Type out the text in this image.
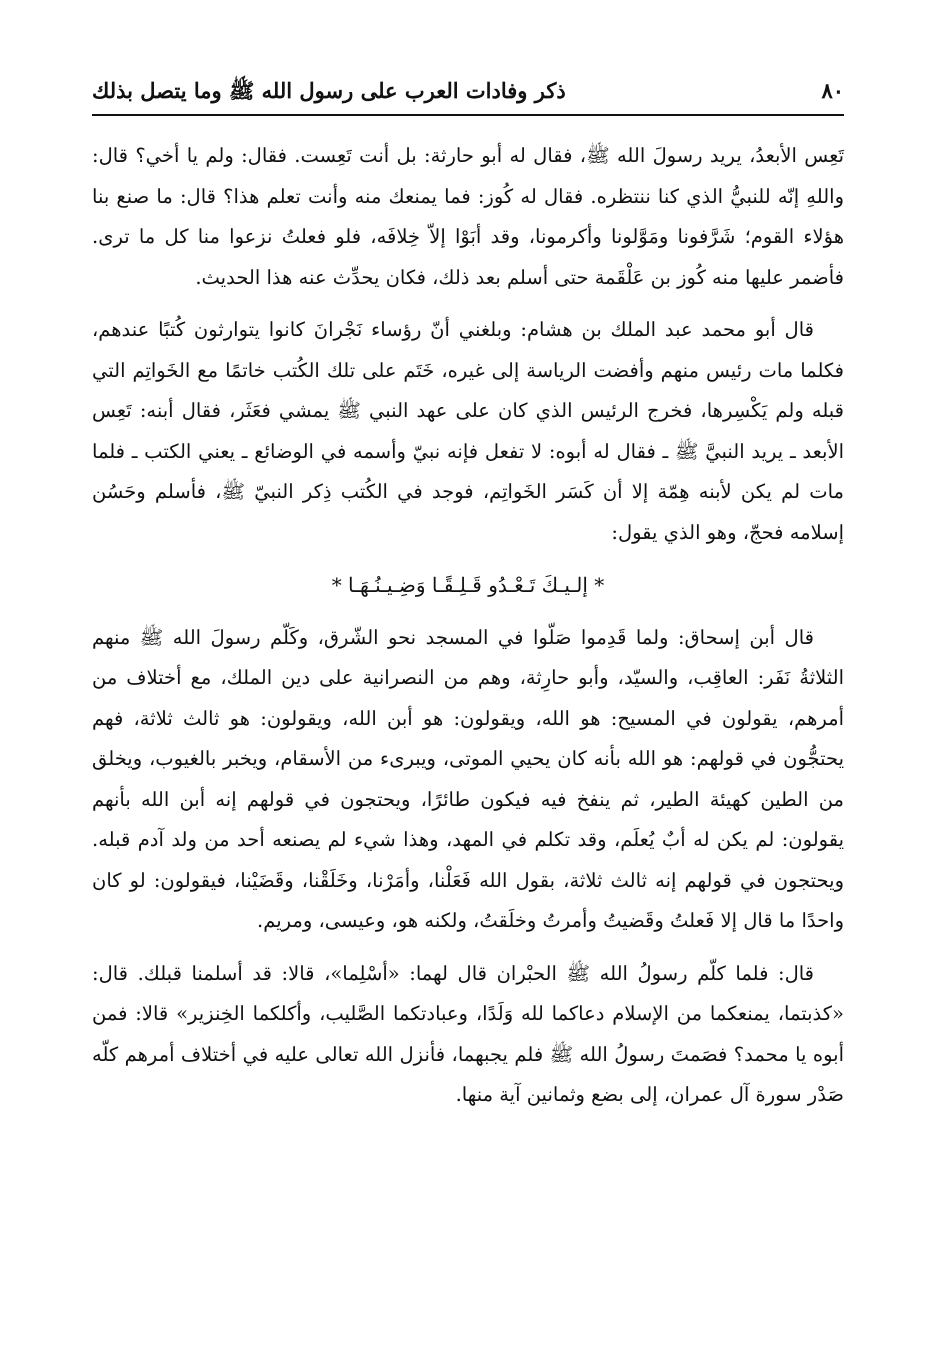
٨٠
ذكر وفادات العرب على رسول الله ﷺ وما يتصل بذلك

تَعِس الأبعدُ، يريد رسولَ الله ﷺ، فقال له أبو حارثة: بل أنت تَعِست. فقال: ولم يا أخي؟ قال: واللهِ إنّه للنبيُّ الذي كنا ننتظره. فقال له كُوز: فما يمنعك منه وأنت تعلم هذا؟ قال: ما صنع بنا هؤلاء القوم؛ شَرَّفونا ومَوَّلونا وأكرمونا، وقد أبَوْا إلاّ خِلافَه، فلو فعلتُ نزعوا منا كل ما ترى. فأضمر عليها منه كُوز بن عَلْقَمة حتى أسلم بعد ذلك، فكان يحدِّث عنه هذا الحديث.

قال أبو محمد عبد الملك بن هشام: وبلغني أنّ رؤساء نَجْرانَ كانوا يتوارثون كُتبًا عندهم، فكلما مات رئيس منهم وأفضت الرياسة إلى غيره، خَتَم على تلك الكُتب خاتمًا مع الخَواتِم التي قبله ولم يَكْسِرها، فخرج الرئيس الذي كان على عهد النبي ﷺ يمشي فعَثَر، فقال أبنه: تَعِس الأبعد ـ يريد النبيَّ ﷺ ـ فقال له أبوه: لا تفعل فإنه نبيّ وأسمه في الوضائع ـ يعني الكتب ـ فلما مات لم يكن لأبنه هِمّة إلا أن كَسَر الخَواتِم، فوجد في الكُتب ذِكر النبيّ ﷺ، فأسلم وحَسُن إسلامه فحجّ، وهو الذي يقول:

* إلـيـكَ تَـعْـدُو قَـلِـقًـا وَضِـيـنُـهَـا *

قال أبن إسحاق: ولما قَدِموا صَلّوا في المسجد نحو الشّرق، وكَلّم رسولَ الله ﷺ منهم الثلاثةُ نَفَر: العاقِب، والسيّد، وأبو حارِثة، وهم من النصرانية على دين الملك، مع أختلاف من أمرهم، يقولون في المسيح: هو الله، ويقولون: هو أبن الله، ويقولون: هو ثالث ثلاثة، فهم يحتجُّون في قولهم: هو الله بأنه كان يحيي الموتى، ويبرىء من الأسقام، ويخبر بالغيوب، ويخلق من الطين كهيئة الطير، ثم ينفخ فيه فيكون طائرًا، ويحتجون في قولهم إنه أبن الله بأنهم يقولون: لم يكن له أبٌ يُعلَم، وقد تكلم في المهد، وهذا شيء لم يصنعه أحد من ولد آدم قبله. ويحتجون في قولهم إنه ثالث ثلاثة، بقول الله فَعَلْنا، وأمَرْنا، وخَلَقْنا، وقَضَيْنا، فيقولون: لو كان واحدًا ما قال إلا فَعلتُ وقَضيتُ وأمرتُ وخلَقتُ، ولكنه هو، وعيسى، ومريم.

قال: فلما كلّم رسولُ الله ﷺ الحبْران قال لهما: «أسْلِما»، قالا: قد أسلمنا قبلك. قال: «كذبتما، يمنعكما من الإسلام دعاكما لله وَلَدًا، وعبادتكما الصَّليب، وأكلكما الخِنزير» قالا: فمن أبوه يا محمد؟ فصَمتَ رسولُ الله ﷺ فلم يجبهما، فأنزل الله تعالى عليه في أختلاف أمرهم كلّه صَدْر سورة آل عمران، إلى بضع وثمانين آية منها.
